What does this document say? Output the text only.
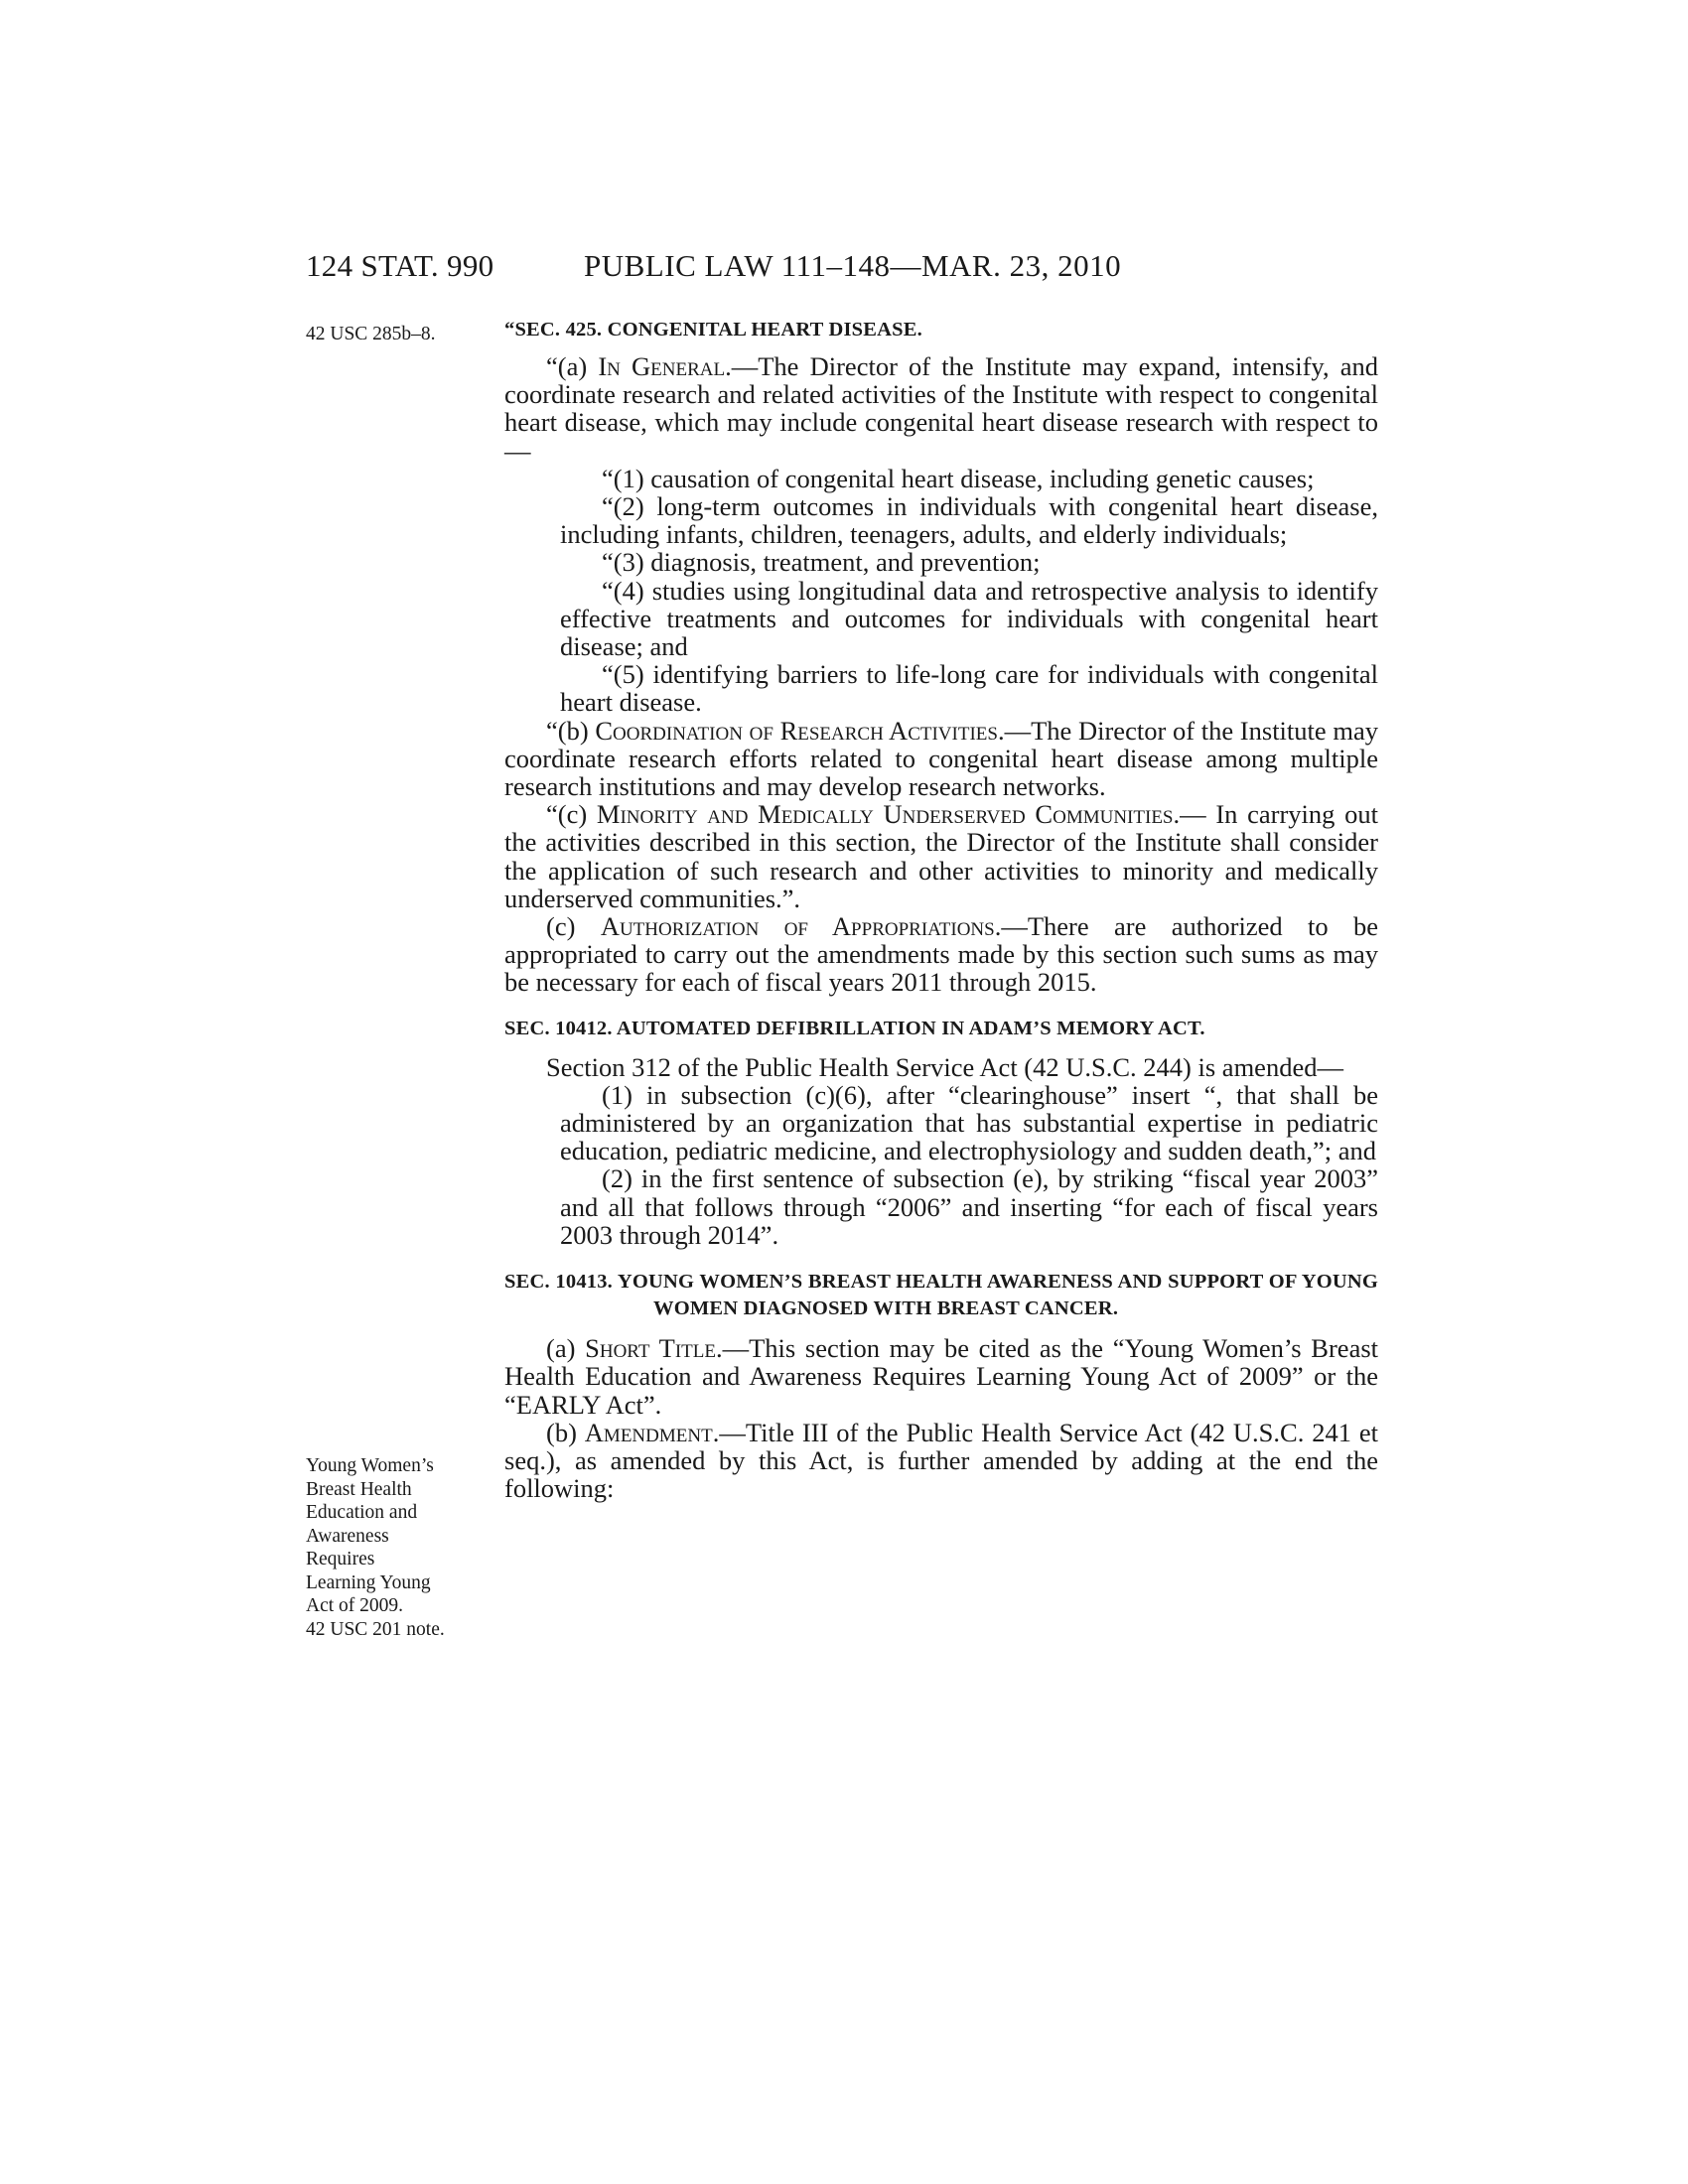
124 STAT. 990	PUBLIC LAW 111–148—MAR. 23, 2010
42 USC 285b–8.
Young Women’s
Breast Health
Education and
Awareness
Requires
Learning Young
Act of 2009.
42 USC 201 note.

“SEC. 425. CONGENITAL HEART DISEASE.

“(a) In General.—The Director of the Institute may expand, intensify, and coordinate research and related activities of the Institute with respect to congenital heart disease, which may include congenital heart disease research with respect to—

“(1) causation of congenital heart disease, including genetic causes;

“(2) long-term outcomes in individuals with congenital heart disease, including infants, children, teenagers, adults, and elderly individuals;

“(3) diagnosis, treatment, and prevention;

“(4) studies using longitudinal data and retrospective analysis to identify effective treatments and outcomes for individuals with congenital heart disease; and

“(5) identifying barriers to life-long care for individuals with congenital heart disease.

“(b) Coordination of Research Activities.—The Director of the Institute may coordinate research efforts related to congenital heart disease among multiple research institutions and may develop research networks.

“(c) Minority and Medically Underserved Communities.— In carrying out the activities described in this section, the Director of the Institute shall consider the application of such research and other activities to minority and medically underserved communities.”.

(c) Authorization of Appropriations.—There are authorized to be appropriated to carry out the amendments made by this section such sums as may be necessary for each of fiscal years 2011 through 2015.

SEC. 10412. AUTOMATED DEFIBRILLATION IN ADAM’S MEMORY ACT.

Section 312 of the Public Health Service Act (42 U.S.C. 244) is amended—

(1) in subsection (c)(6), after “clearinghouse” insert “, that shall be administered by an organization that has substantial expertise in pediatric education, pediatric medicine, and electrophysiology and sudden death,”; and

(2) in the first sentence of subsection (e), by striking “fiscal year 2003” and all that follows through “2006” and inserting “for each of fiscal years 2003 through 2014”.

SEC. 10413. YOUNG WOMEN’S BREAST HEALTH AWARENESS AND SUPPORT OF YOUNG WOMEN DIAGNOSED WITH BREAST CANCER.

(a) Short Title.—This section may be cited as the “Young Women’s Breast Health Education and Awareness Requires Learning Young Act of 2009” or the “EARLY Act”.

(b) Amendment.—Title III of the Public Health Service Act (42 U.S.C. 241 et seq.), as amended by this Act, is further amended by adding at the end the following:
